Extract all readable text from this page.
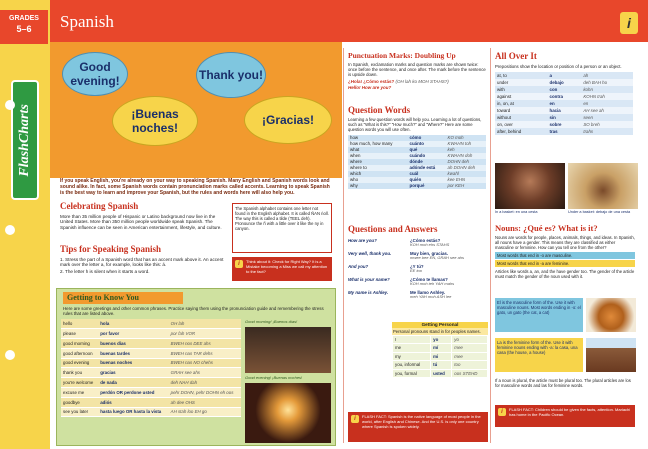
GRADES
5–6
FlashCharts
Spanish	i
Good evening!	Thank you!
¡Buenas noches!
¡Gracias!
If you speak English, you're already on your way to speaking Spanish. Many English and Spanish words look and sound alike. In fact, some Spanish words contain pronunciation marks called accents. Learning to speak Spanish is the best way to learn and improve your Spanish, but the rules and words here will also help you.
Celebrating Spanish
More than 35 million people of Hispanic or Latino background now live in the United States. More than 350 million people worldwide speak Spanish. The Spanish influence can be seen in American entertainment, lifestyle, and culture.
The Spanish alphabet contains one letter not found in the English alphabet. It is called ÑAN ṅoll. The way this is called a tilde (TEEL deh). Pronounce the ñ with a little over it like the ny in canyon.
Tips for Speaking Spanish
1. Stress the part of a Spanish word that has an accent mark above it. An accent mark over the letter a, for example, looks like this: á.
2. The letter h is silent when it starts a word.
i	Think about it: Check for Right Way? It is a Mistake becoming a Miss we call my attention to the fact?
Getting to Know You
Here are some greetings and other common phrases. Practice saying them using the pronunciation guide and remembering the stress rules that are listed above.
hello	hola	OH lah
please	por favor	por fah VOR
good morning	buenos días	BWEH nos DEE ahs
good afternoon	buenas tardes	BWEH nas TAR dehs
good evening	buenas noches	BWEH nas NO chehs
thank you	gracias	GRAH see ahs
you're welcome	de nada	deh NAH dah
excuse me	perdón OR perdone usted	pehr DOHN, pehr DOHN eh oos
goodbye	adiós	ah dee OHS
see you later	hasta luego OR hasta la vista	AH stah loo EH go
Good morning! ¡Buenos días!
Good evening! ¡Buenas noches!
Punctuation Marks: Doubling Up
In Spanish, exclamation marks and question marks are shown twice: once before the sentence, and once after. The mark before the sentence is upside down.
¿Hola! ¿Cómo estás? (OH lah ko MOH STAHS?)
Hello! How are you?
Question Words
Learning a few question words will help you. Learning a lot of questions, such as "What is this?" "How much?" and "Where?" Here are some question words you will use often.
how	cómo	KO moh
how much, how many	cuánto	KWAHN toh
what	qué	keh
when	cuándo	KWAHN doh
where	dónde	DOHN deh
where to	adónde está	ah DOHN deh
which	cuál	kwahl
who	quién	kee EHN
why	porqué	por KEH
Questions and Answers
How are you?	¿Cómo estás?
KOH moh ehs STAHS
Very well, thank you.	Muy bien, gracias.
mwee bee EN, GRAH see ahs
And you?	¿Y tú?
EE too
What is your name?	¿Cómo te llamas?
KOH moh teh YAH mahs
My name is Ashley.	Me llamo Ashley.
meh YAH moh ASH lee
Getting Personal
Personal pronouns stand in for peoples names.
I	yo	yo
me	mí	mee
my	mi	mee
you, informal	tú	too
you, formal	usted	oos STEHD
i	FLASH FACT: Spanish is the native language of most people in the world, after English and Chinese. And the U.S. is only one country where Spanish is spoken widely.
All Over It
Prepositions show the location or position of a person or an object.
at, to	a	ah
under	debajo	deh BAH ho
with	con	kohn
against	contra	KOHN trah
in, on, at	en	en
toward	hacia	AH see ah
without	sin	seen
on, over	sobre	SO breh
after, behind	tras	trahs
In a basket: en una cesta	Under a basket: debajo de una cesta
Nouns: ¿Qué es? What is it?
Nouns are words for people, places, animals, things, and ideas. In Spanish, all nouns have a gender. This means they are classified as either masculine or feminine. How can you tell one from the other?
Most words that end in -o are masculine.
Most words that end in -a are feminine.
Articles like words a, an, and the have gender too. The gender of the article must match the gender of the noun used with it.
El is the masculine form of the. Use it with masculine nouns. Most words ending in -o: el gato, un gato (the cat, a cat)
La is the feminine form of the. Use it with feminine nouns ending with -a: la casa, una casa (the house, a house)
If a noun is plural, the article must be plural too. The plural articles are los for masculine words and las for feminine words.
i	FLASH FACT: Children should be given the facts, attention. Mariachi has home in the Pacific Ocean.
